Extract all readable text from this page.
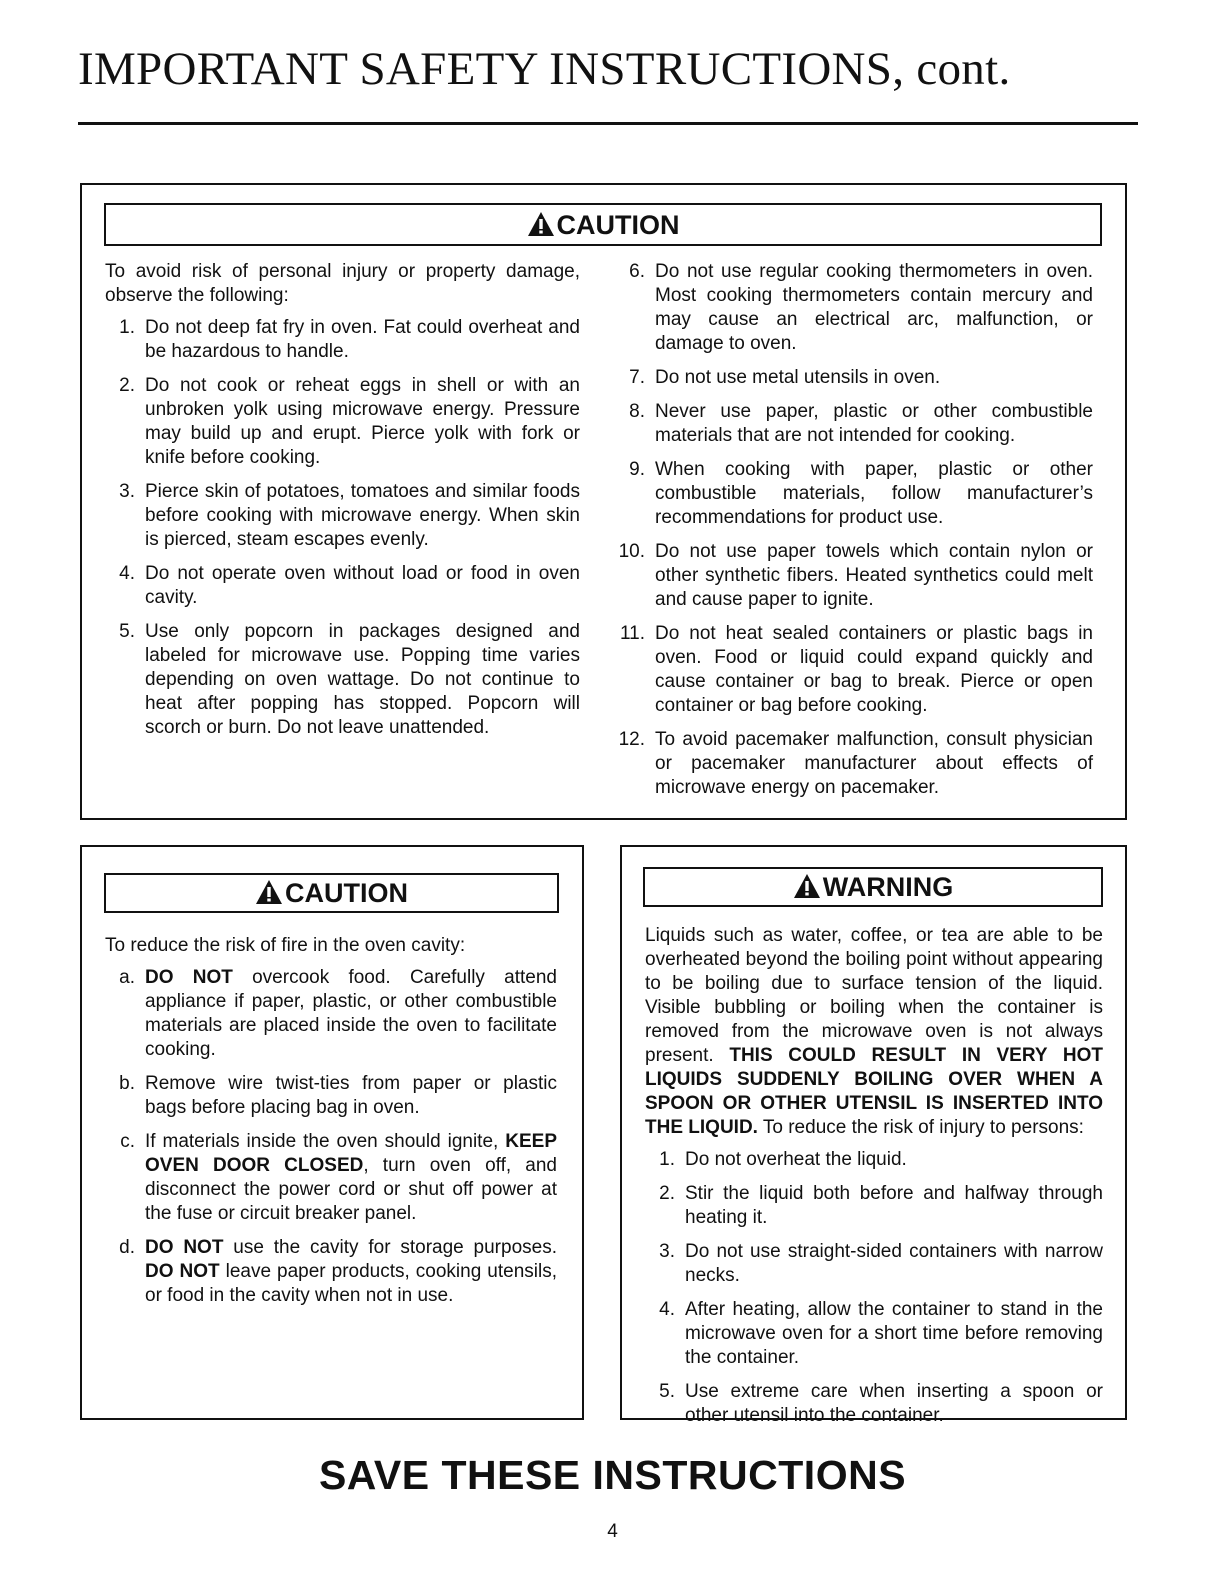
IMPORTANT SAFETY INSTRUCTIONS, cont.
CAUTION

To avoid risk of personal injury or property damage, observe the following:

1. Do not deep fat fry in oven. Fat could overheat and be hazardous to handle.
2. Do not cook or reheat eggs in shell or with an unbroken yolk using microwave energy. Pressure may build up and erupt. Pierce yolk with fork or knife before cooking.
3. Pierce skin of potatoes, tomatoes and similar foods before cooking with microwave energy. When skin is pierced, steam escapes evenly.
4. Do not operate oven without load or food in oven cavity.
5. Use only popcorn in packages designed and labeled for microwave use. Popping time varies depending on oven wattage. Do not continue to heat after popping has stopped. Popcorn will scorch or burn. Do not leave unattended.
6. Do not use regular cooking thermometers in oven. Most cooking thermometers contain mercury and may cause an electrical arc, malfunction, or damage to oven.
7. Do not use metal utensils in oven.
8. Never use paper, plastic or other combustible materials that are not intended for cooking.
9. When cooking with paper, plastic or other combustible materials, follow manufacturer’s recommendations for product use.
10. Do not use paper towels which contain nylon or other synthetic fibers. Heated synthetics could melt and cause paper to ignite.
11. Do not heat sealed containers or plastic bags in oven. Food or liquid could expand quickly and cause container or bag to break. Pierce or open container or bag before cooking.
12. To avoid pacemaker malfunction, consult physician or pacemaker manufacturer about effects of microwave energy on pacemaker.
CAUTION

To reduce the risk of fire in the oven cavity:

a. DO NOT overcook food. Carefully attend appliance if paper, plastic, or other combustible materials are placed inside the oven to facilitate cooking.
b. Remove wire twist-ties from paper or plastic bags before placing bag in oven.
c. If materials inside the oven should ignite, KEEP OVEN DOOR CLOSED, turn oven off, and disconnect the power cord or shut off power at the fuse or circuit breaker panel.
d. DO NOT use the cavity for storage purposes. DO NOT leave paper products, cooking utensils, or food in the cavity when not in use.
WARNING

Liquids such as water, coffee, or tea are able to be overheated beyond the boiling point without appearing to be boiling due to surface tension of the liquid. Visible bubbling or boiling when the container is removed from the microwave oven is not always present. THIS COULD RESULT IN VERY HOT LIQUIDS SUDDENLY BOILING OVER WHEN A SPOON OR OTHER UTENSIL IS INSERTED INTO THE LIQUID. To reduce the risk of injury to persons:

1. Do not overheat the liquid.
2. Stir the liquid both before and halfway through heating it.
3. Do not use straight-sided containers with narrow necks.
4. After heating, allow the container to stand in the microwave oven for a short time before removing the container.
5. Use extreme care when inserting a spoon or other utensil into the container.
SAVE THESE INSTRUCTIONS
4
